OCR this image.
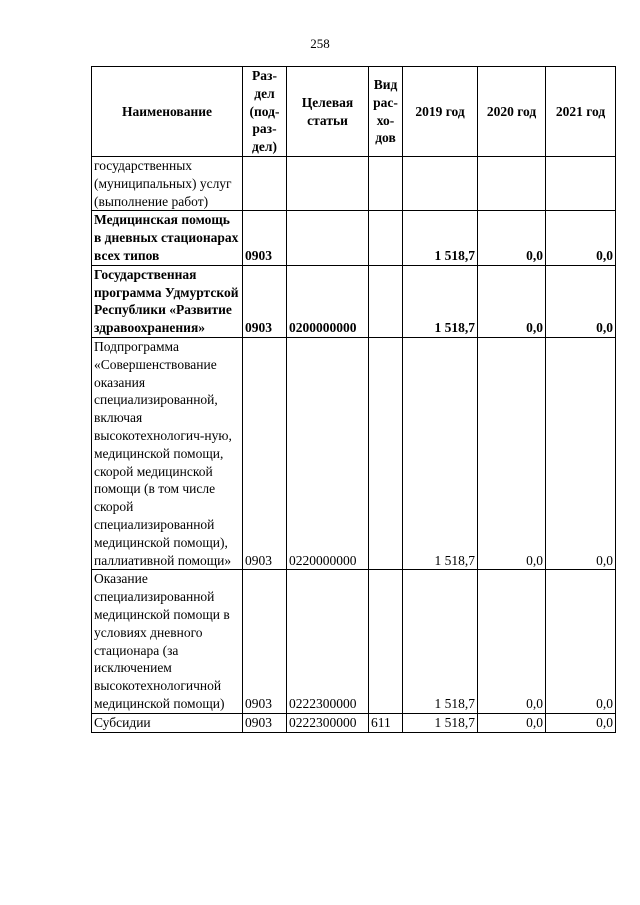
258
Наименование	Раз-дел (под-раз-дел)	Целевая статьи	Вид рас-хо-дов	2019 год	2020 год	2021 год
государственных (муниципальных) услуг (выполнение работ)						
Медицинская помощь в дневных стационарах всех типов	0903			1 518,7	0,0	0,0
Государственная программа Удмуртской Республики «Развитие здравоохранения»	0903	0200000000		1 518,7	0,0	0,0
Подпрограмма «Совершенствование оказания специализированной, включая высокотехнологич-ную, медицинской помощи, скорой медицинской помощи (в том числе скорой специализированной медицинской помощи), паллиативной помощи»	0903	0220000000		1 518,7	0,0	0,0
Оказание специализированной медицинской помощи в условиях дневного стационара (за исключением высокотехнологичной медицинской помощи)	0903	0222300000		1 518,7	0,0	0,0
Субсидии	0903	0222300000	611	1 518,7	0,0	0,0
